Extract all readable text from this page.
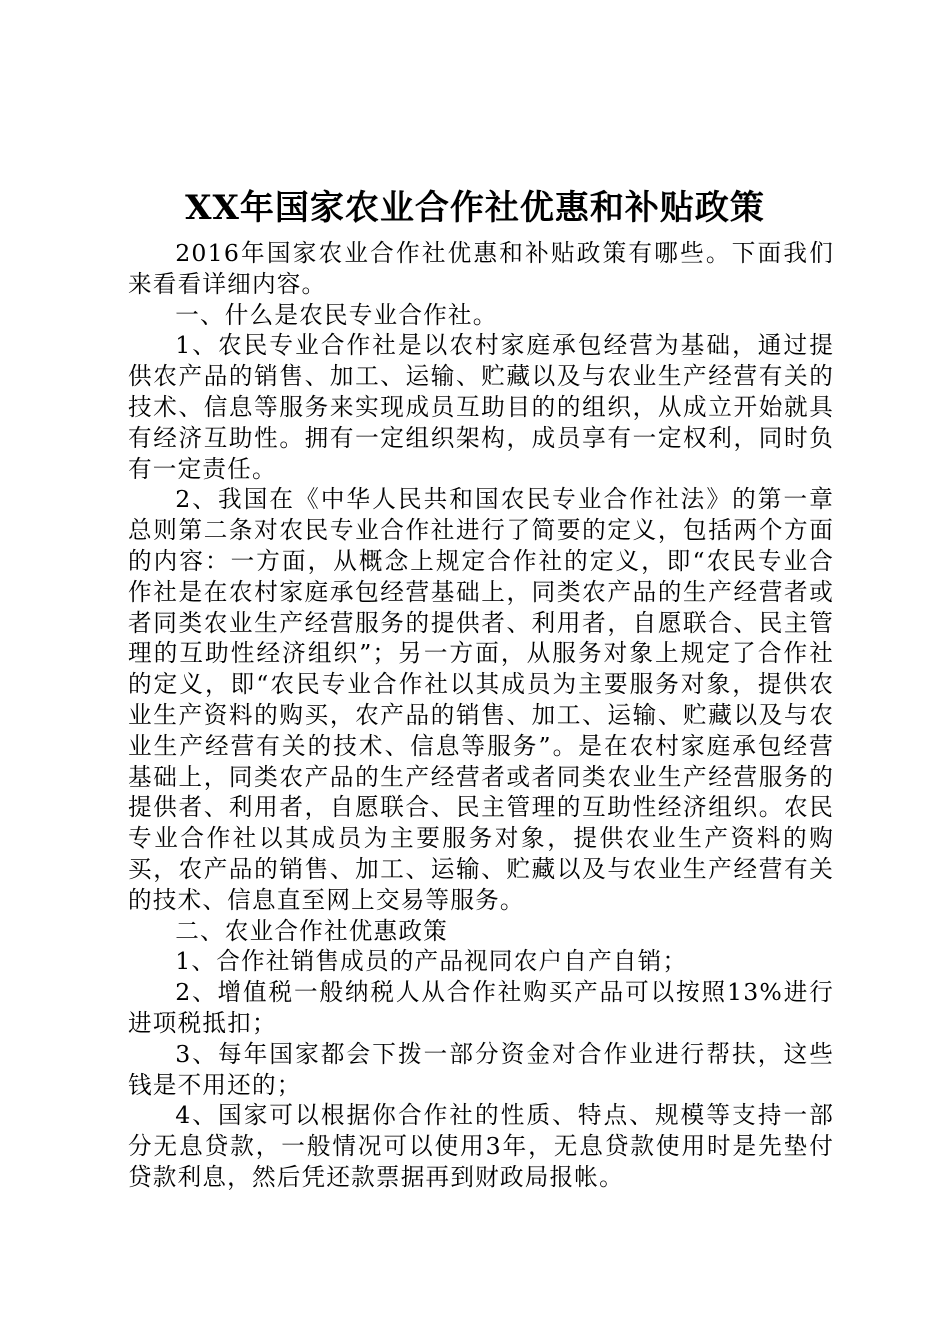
XX年国家农业合作社优惠和补贴政策

2016年国家农业合作社优惠和补贴政策有哪些。下面我们来看看详细内容。

一、什么是农民专业合作社。

1、农民专业合作社是以农村家庭承包经营为基础，通过提供农产品的销售、加工、运输、贮藏以及与农业生产经营有关的技术、信息等服务来实现成员互助目的的组织，从成立开始就具有经济互助性。拥有一定组织架构，成员享有一定权利，同时负有一定责任。

2、我国在《中华人民共和国农民专业合作社法》的第一章总则第二条对农民专业合作社进行了简要的定义，包括两个方面的内容：一方面，从概念上规定合作社的定义，即“农民专业合作社是在农村家庭承包经营基础上，同类农产品的生产经营者或者同类农业生产经营服务的提供者、利用者，自愿联合、民主管理的互助性经济组织”；另一方面，从服务对象上规定了合作社的定义，即“农民专业合作社以其成员为主要服务对象，提供农业生产资料的购买，农产品的销售、加工、运输、贮藏以及与农业生产经营有关的技术、信息等服务”。是在农村家庭承包经营基础上，同类农产品的生产经营者或者同类农业生产经营服务的提供者、利用者，自愿联合、民主管理的互助性经济组织。农民专业合作社以其成员为主要服务对象，提供农业生产资料的购买，农产品的销售、加工、运输、贮藏以及与农业生产经营有关的技术、信息直至网上交易等服务。

二、农业合作社优惠政策

1、合作社销售成员的产品视同农户自产自销；

2、增值税一般纳税人从合作社购买产品可以按照13%进行进项税抵扣；

3、每年国家都会下拨一部分资金对合作业进行帮扶，这些钱是不用还的；

4、国家可以根据你合作社的性质、特点、规模等支持一部分无息贷款，一般情况可以使用3年，无息贷款使用时是先垫付贷款利息，然后凭还款票据再到财政局报帐。
